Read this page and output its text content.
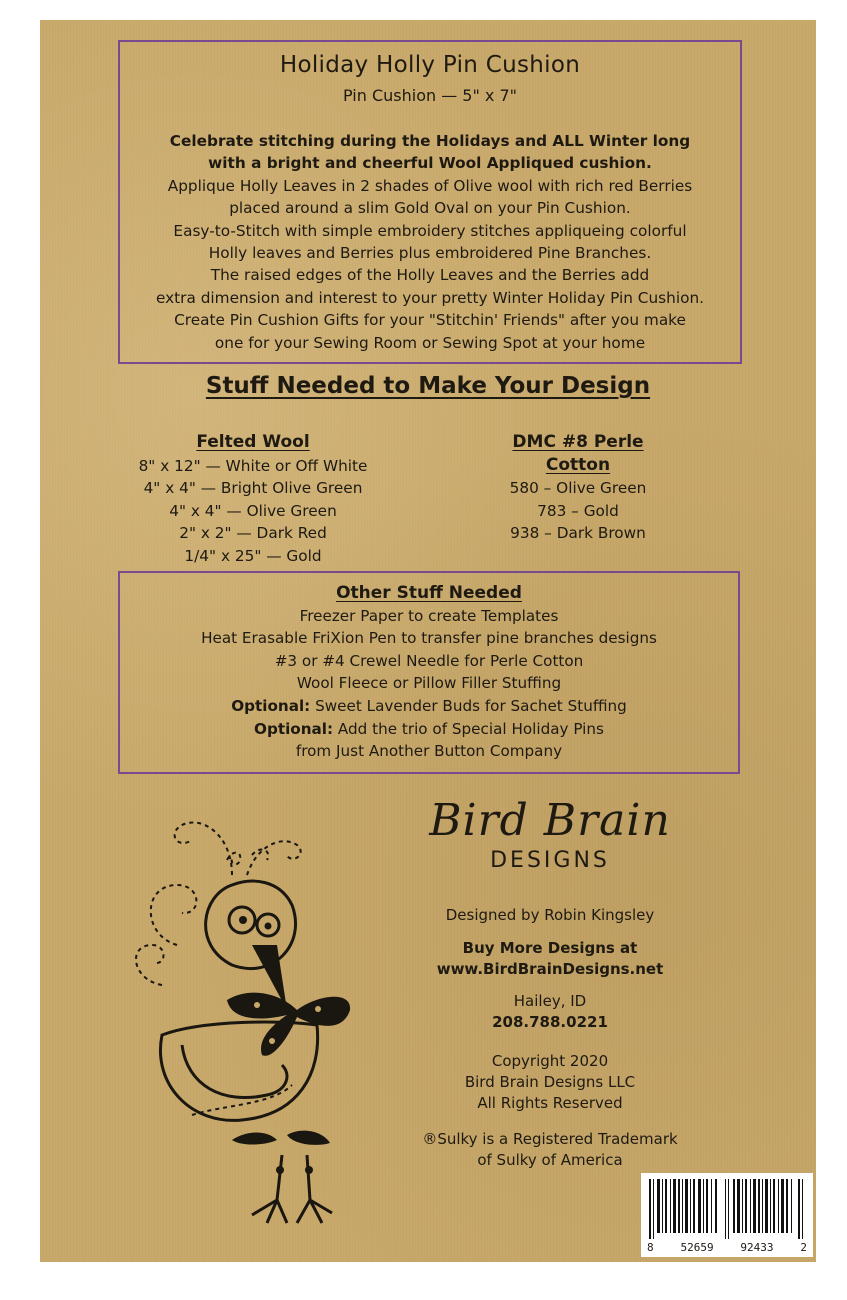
Holiday Holly Pin Cushion
Pin Cushion — 5" x 7"
Celebrate stitching during the Holidays and ALL Winter long
with a bright and cheerful Wool Appliqued cushion.
Applique Holly Leaves in 2 shades of Olive wool with rich red Berries
placed around a slim Gold Oval on your Pin Cushion.
Easy-to-Stitch with simple embroidery stitches appliqueing colorful
Holly leaves and Berries plus embroidered Pine Branches.
The raised edges of the Holly Leaves and the Berries add
extra dimension and interest to your pretty Winter Holiday Pin Cushion.
Create Pin Cushion Gifts for your "Stitchin' Friends" after you make
one for your Sewing Room or Sewing Spot at your home
Stuff Needed to Make Your Design
Felted Wool
8" x 12" — White or Off White
4" x 4" — Bright Olive Green
4" x 4" — Olive Green
2" x 2" — Dark Red
1/4" x 25" — Gold
DMC #8 Perle Cotton
580 – Olive Green
783 – Gold
938 – Dark Brown
Other Stuff Needed
Freezer Paper to create Templates
Heat Erasable FriXion Pen to transfer pine branches designs
#3 or #4 Crewel Needle for Perle Cotton
Wool Fleece or Pillow Filler Stuffing
Optional: Sweet Lavender Buds for Sachet Stuffing
Optional: Add the trio of Special Holiday Pins
from Just Another Button Company
Bird Brain
DESIGNS
Designed by Robin Kingsley
Buy More Designs at
www.BirdBrainDesigns.net
Hailey, ID
208.788.0221
Copyright 2020
Bird Brain Designs LLC
All Rights Reserved
®Sulky is a Registered Trademark
of Sulky of America
8 52659 92433 2
